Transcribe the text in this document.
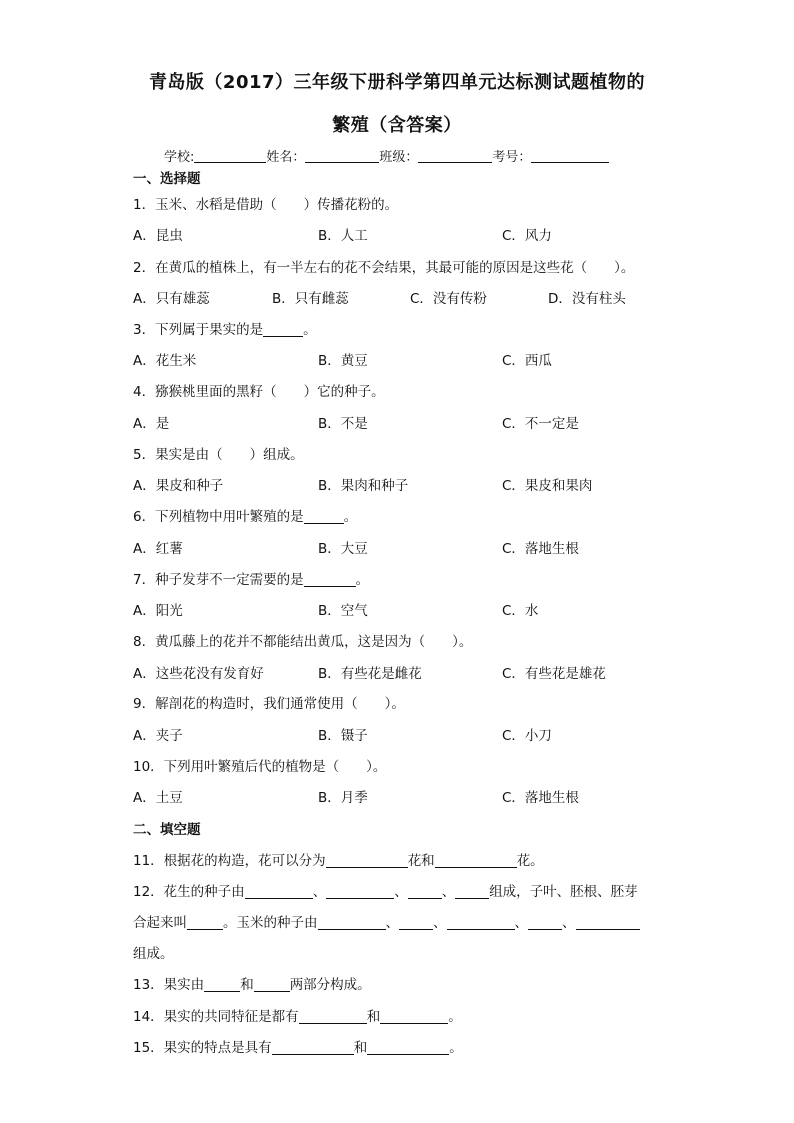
青岛版（2017）三年级下册科学第四单元达标测试题植物的
繁殖（含答案）
学校:	姓名：	班级：	考号：
一、选择题
1．玉米、水稻是借助（　　）传播花粉的。
A．昆虫	B．人工	C．风力
2．在黄瓜的植株上，有一半左右的花不会结果，其最可能的原因是这些花（　　）。
A．只有雄蕊	B．只有雌蕊	C．没有传粉	D．没有柱头
3．下列属于果实的是	。
A．花生米	B．黄豆	C．西瓜
4．猕猴桃里面的黑籽（　　）它的种子。
A．是	B．不是	C．不一定是
5．果实是由（　　）组成。
A．果皮和种子	B．果肉和种子	C．果皮和果肉
6．下列植物中用叶繁殖的是	。
A．红薯	B．大豆	C．落地生根
7．种子发芽不一定需要的是	。
A．阳光	B．空气	C．水
8．黄瓜藤上的花并不都能结出黄瓜，这是因为（　　）。
A．这些花没有发育好	B．有些花是雌花	C．有些花是雄花
9．解剖花的构造时，我们通常使用（　　）。
A．夹子	B．镊子	C．小刀
10．下列用叶繁殖后代的植物是（　　）。
A．土豆	B．月季	C．落地生根
二、填空题
11．根据花的构造，花可以分为	花和	花。
12．花生的种子由	、	、	、	组成，子叶、胚根、胚芽
合起来叫	。玉米的种子由	、	、	、	、
组成。
13．果实由	和	两部分构成。
14．果实的共同特征是都有	和	。
15．果实的特点是具有	和	。
